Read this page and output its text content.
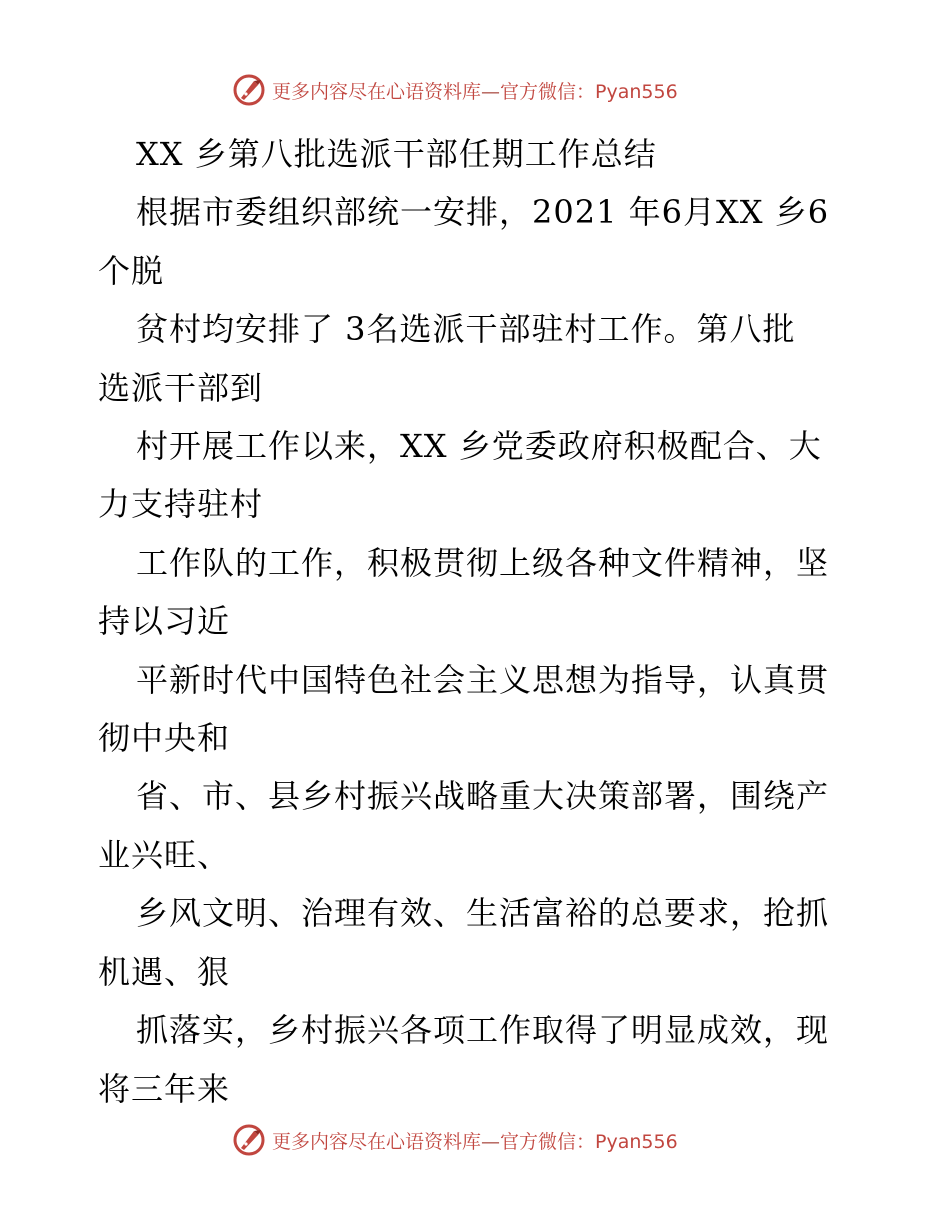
更多内容尽在心语资料库—官方微信：Pyan556

XX 乡第八批选派干部任期工作总结

根据市委组织部统一安排，2021 年6月XX 乡6

个脱

贫村均安排了 3名选派干部驻村工作。第八批

选派干部到

村开展工作以来，XX 乡党委政府积极配合、大

力支持驻村

工作队的工作，积极贯彻上级各种文件精神，坚

持以习近

平新时代中国特色社会主义思想为指导，认真贯

彻中央和

省、市、县乡村振兴战略重大决策部署，围绕产

业兴旺、

乡风文明、治理有效、生活富裕的总要求，抢抓

机遇、狠

抓落实，乡村振兴各项工作取得了明显成效，现

将三年来

更多内容尽在心语资料库—官方微信：Pyan556
